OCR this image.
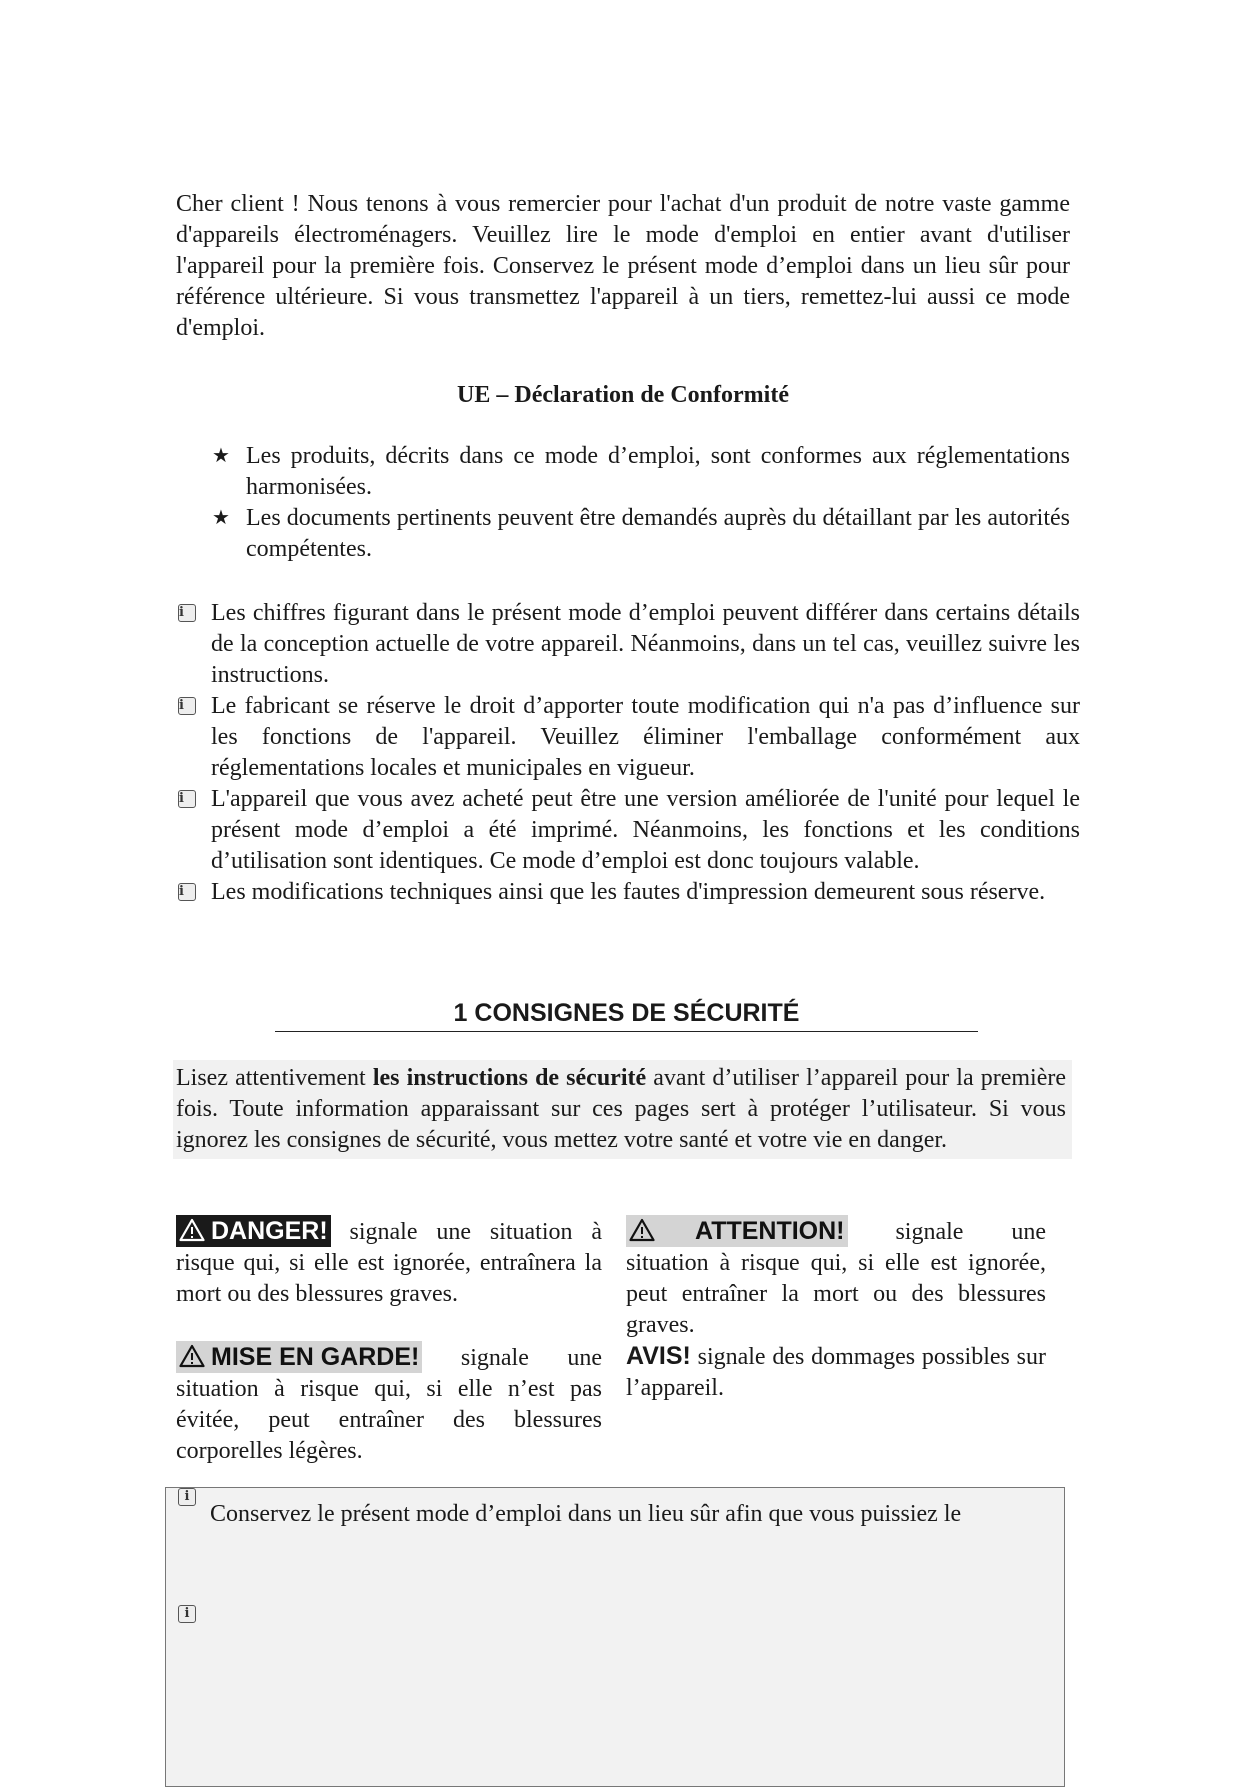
Cher client ! Nous tenons à vous remercier pour l'achat d'un produit de notre vaste gamme d'appareils électroménagers. Veuillez lire le mode d'emploi en entier avant d'utiliser l'appareil pour la première fois. Conservez le présent mode d’emploi dans un lieu sûr pour référence ultérieure. Si vous transmettez l'appareil à un tiers, remettez-lui aussi ce mode d'emploi.

UE – Déclaration de Conformité

★ Les produits, décrits dans ce mode d’emploi, sont conformes aux réglementations harmonisées.
★ Les documents pertinents peuvent être demandés auprès du détaillant par les autorités compétentes.
i	Les chiffres figurant dans le présent mode d’emploi peuvent différer dans certains détails de la conception actuelle de votre appareil. Néanmoins, dans un tel cas, veuillez suivre les instructions.
i	Le fabricant se réserve le droit d’apporter toute modification qui n'a pas d’influence sur les fonctions de l'appareil. Veuillez éliminer l'emballage conformément aux réglementations locales et municipales en vigueur.
i	L'appareil que vous avez acheté peut être une version améliorée de l'unité pour lequel le présent mode d’emploi a été imprimé. Néanmoins, les fonctions et les conditions d’utilisation sont identiques. Ce mode d’emploi est donc toujours valable.
i	Les modifications techniques ainsi que les fautes d'impression demeurent sous réserve.
1 CONSIGNES DE SÉCURITÉ

Lisez attentivement les instructions de sécurité avant d’utiliser l’appareil pour la première fois. Toute information apparaissant sur ces pages sert à protéger l’utilisateur. Si vous ignorez les consignes de sécurité, vous mettez votre santé et votre vie en danger.

DANGER! signale une situation à risque qui, si elle est ignorée, entraînera la mort ou des blessures graves.

ATTENTION! signale une situation à risque qui, si elle est ignorée, peut entraîner la mort ou des blessures graves.

MISE EN GARDE! signale une situation à risque qui, si elle n’est pas évitée, peut entraîner des blessures corporelles légères.

AVIS! signale des dommages possibles sur l’appareil.

i
i

Conservez le présent mode d’emploi dans un lieu sûr afin que vous puissiez le
